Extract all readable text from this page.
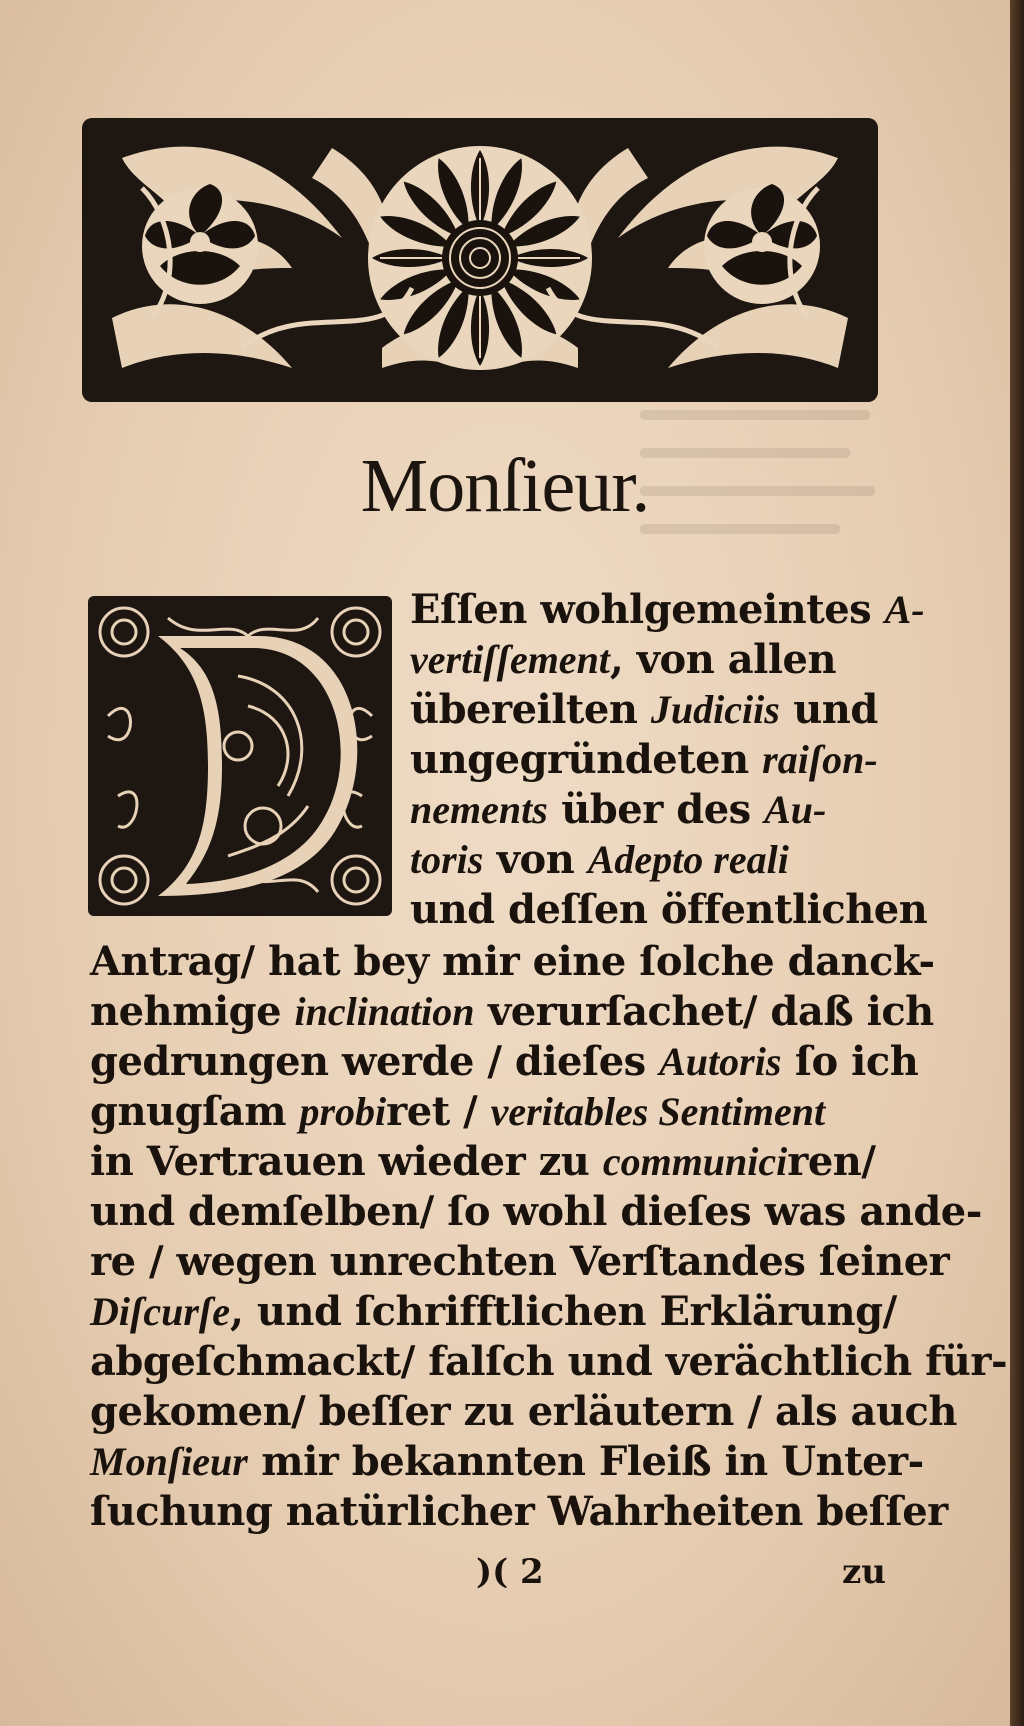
Monſieur.
Eſſen wohlgemeintes A-
vertiſſement, von allen
übereilten Judiciis und
ungegründeten raiſon-
nements über des Au-
toris von Adepto reali
und deſſen öffentlichen
Antrag/ hat bey mir eine ſolche danck-
nehmige inclination verurſachet/ daß ich
gedrungen werde / dieſes Autoris ſo ich
gnugſam probiret / veritables Sentiment
in Vertrauen wieder zu communiciren/
und demſelben/ ſo wohl dieſes was ande-
re / wegen unrechten Verſtandes ſeiner
Diſcurſe, und ſchrifftlichen Erklärung/
abgeſchmackt/ falſch und verächtlich für-
gekomen/ beſſer zu erläutern / als auch
Monſieur mir bekannten Fleiß in Unter-
ſuchung natürlicher Wahrheiten beſſer
)( 2	zu
